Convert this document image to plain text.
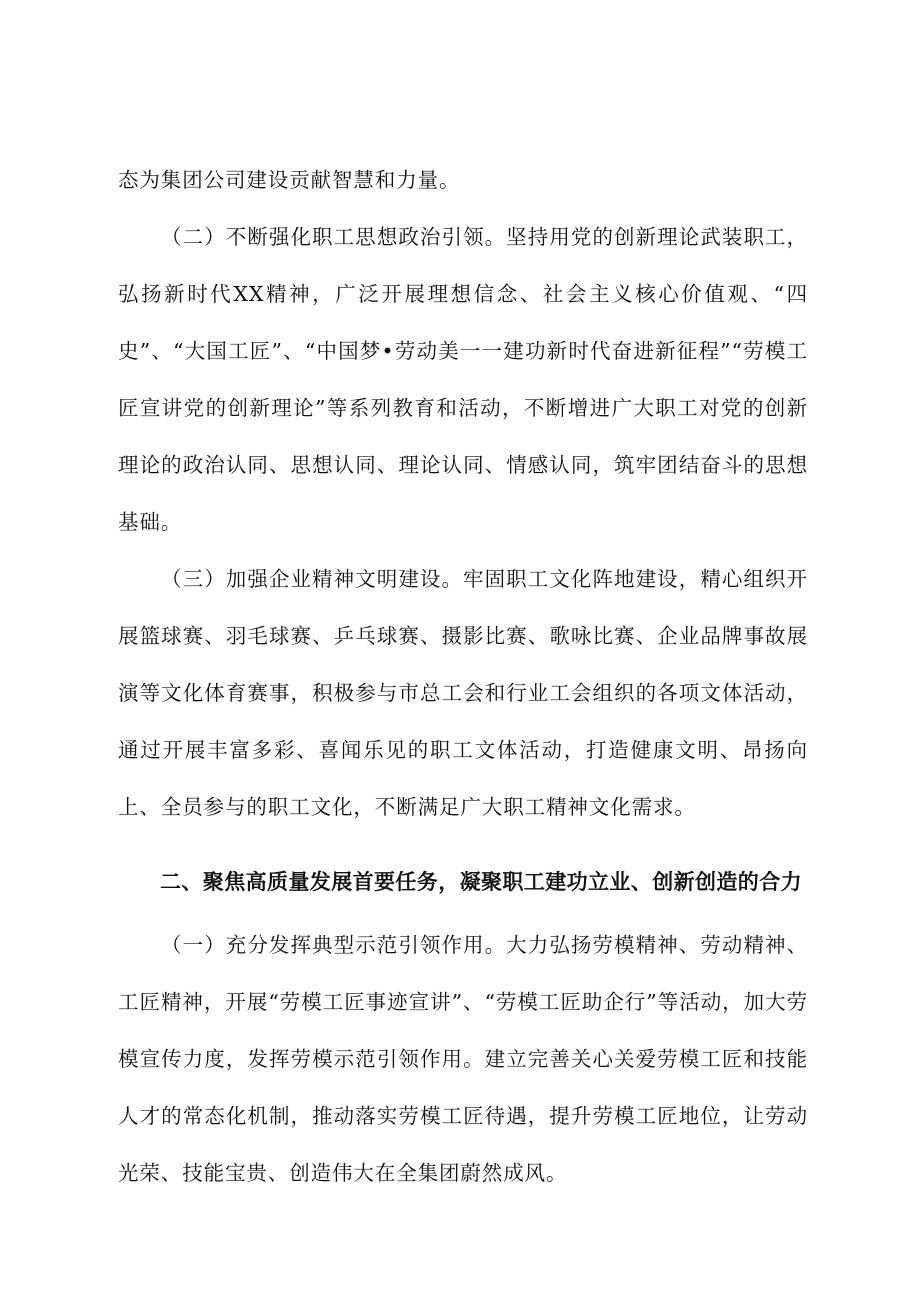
态为集团公司建设贡献智慧和力量。

（二）不断强化职工思想政治引领。坚持用党的创新理论武装职工，弘扬新时代XX精神，广泛开展理想信念、社会主义核心价值观、“四史”、“大国工匠”、“中国梦•劳动美一一建功新时代奋进新征程”“劳模工匠宣讲党的创新理论”等系列教育和活动，不断增进广大职工对党的创新理论的政治认同、思想认同、理论认同、情感认同，筑牢团结奋斗的思想基础。

（三）加强企业精神文明建设。牢固职工文化阵地建设，精心组织开展篮球赛、羽毛球赛、乒乓球赛、摄影比赛、歌咏比赛、企业品牌事故展演等文化体育赛事，积极参与市总工会和行业工会组织的各项文体活动，通过开展丰富多彩、喜闻乐见的职工文体活动，打造健康文明、昂扬向上、全员参与的职工文化，不断满足广大职工精神文化需求。

二、聚焦高质量发展首要任务，凝聚职工建功立业、创新创造的合力

（一）充分发挥典型示范引领作用。大力弘扬劳模精神、劳动精神、工匠精神，开展“劳模工匠事迹宣讲”、“劳模工匠助企行”等活动，加大劳模宣传力度，发挥劳模示范引领作用。建立完善关心关爱劳模工匠和技能人才的常态化机制，推动落实劳模工匠待遇，提升劳模工匠地位，让劳动光荣、技能宝贵、创造伟大在全集团蔚然成风。
